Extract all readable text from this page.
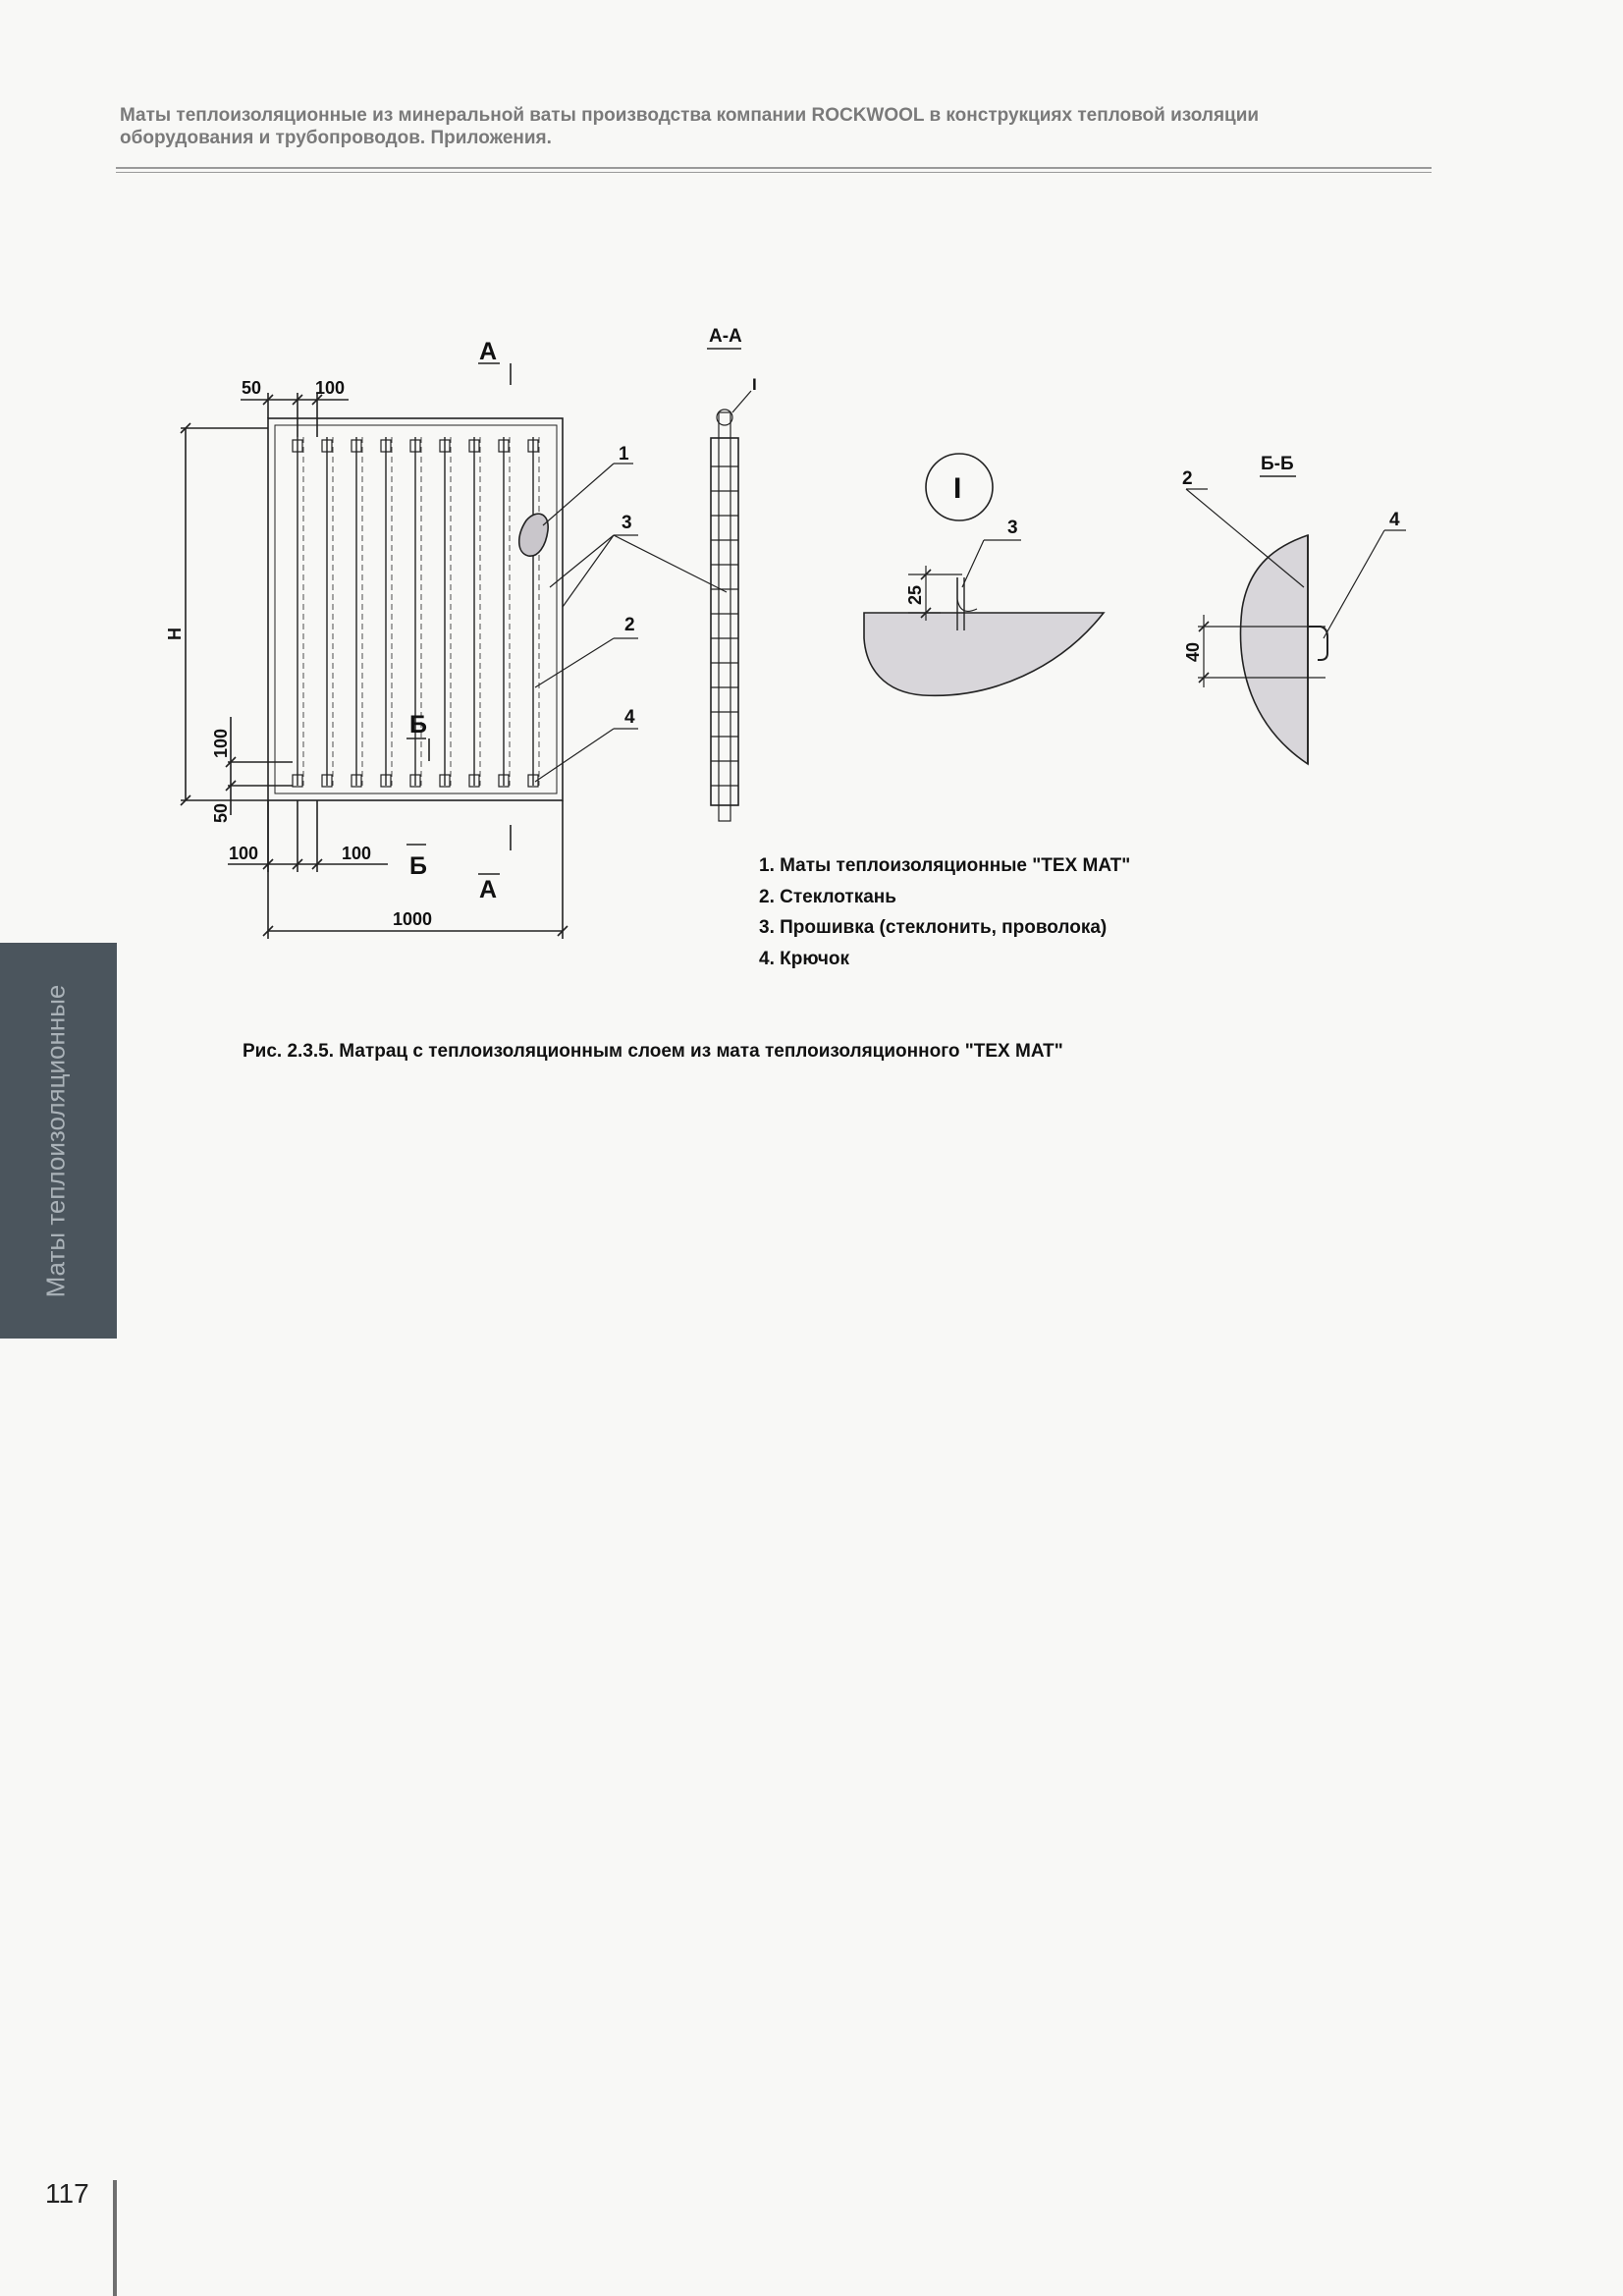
Маты теплоизоляционные из минеральной ваты производства компании ROCKWOOL в конструкциях тепловой изоляции
оборудования и трубопроводов. Приложения.
Маты теплоизоляционные
А
А
Б
Б
А-А
Б-Б
I
I
50	100
H
100
50
100	100
1000
25
40
1
3
2
4
3
2
4
1. Маты теплоизоляционные "TEX MAT"
2. Стеклоткань
3. Прошивка (стеклонить, проволока)
4. Крючок
Рис. 2.3.5. Матрац с теплоизоляционным слоем из мата теплоизоляционного "TEX MAT"
117
